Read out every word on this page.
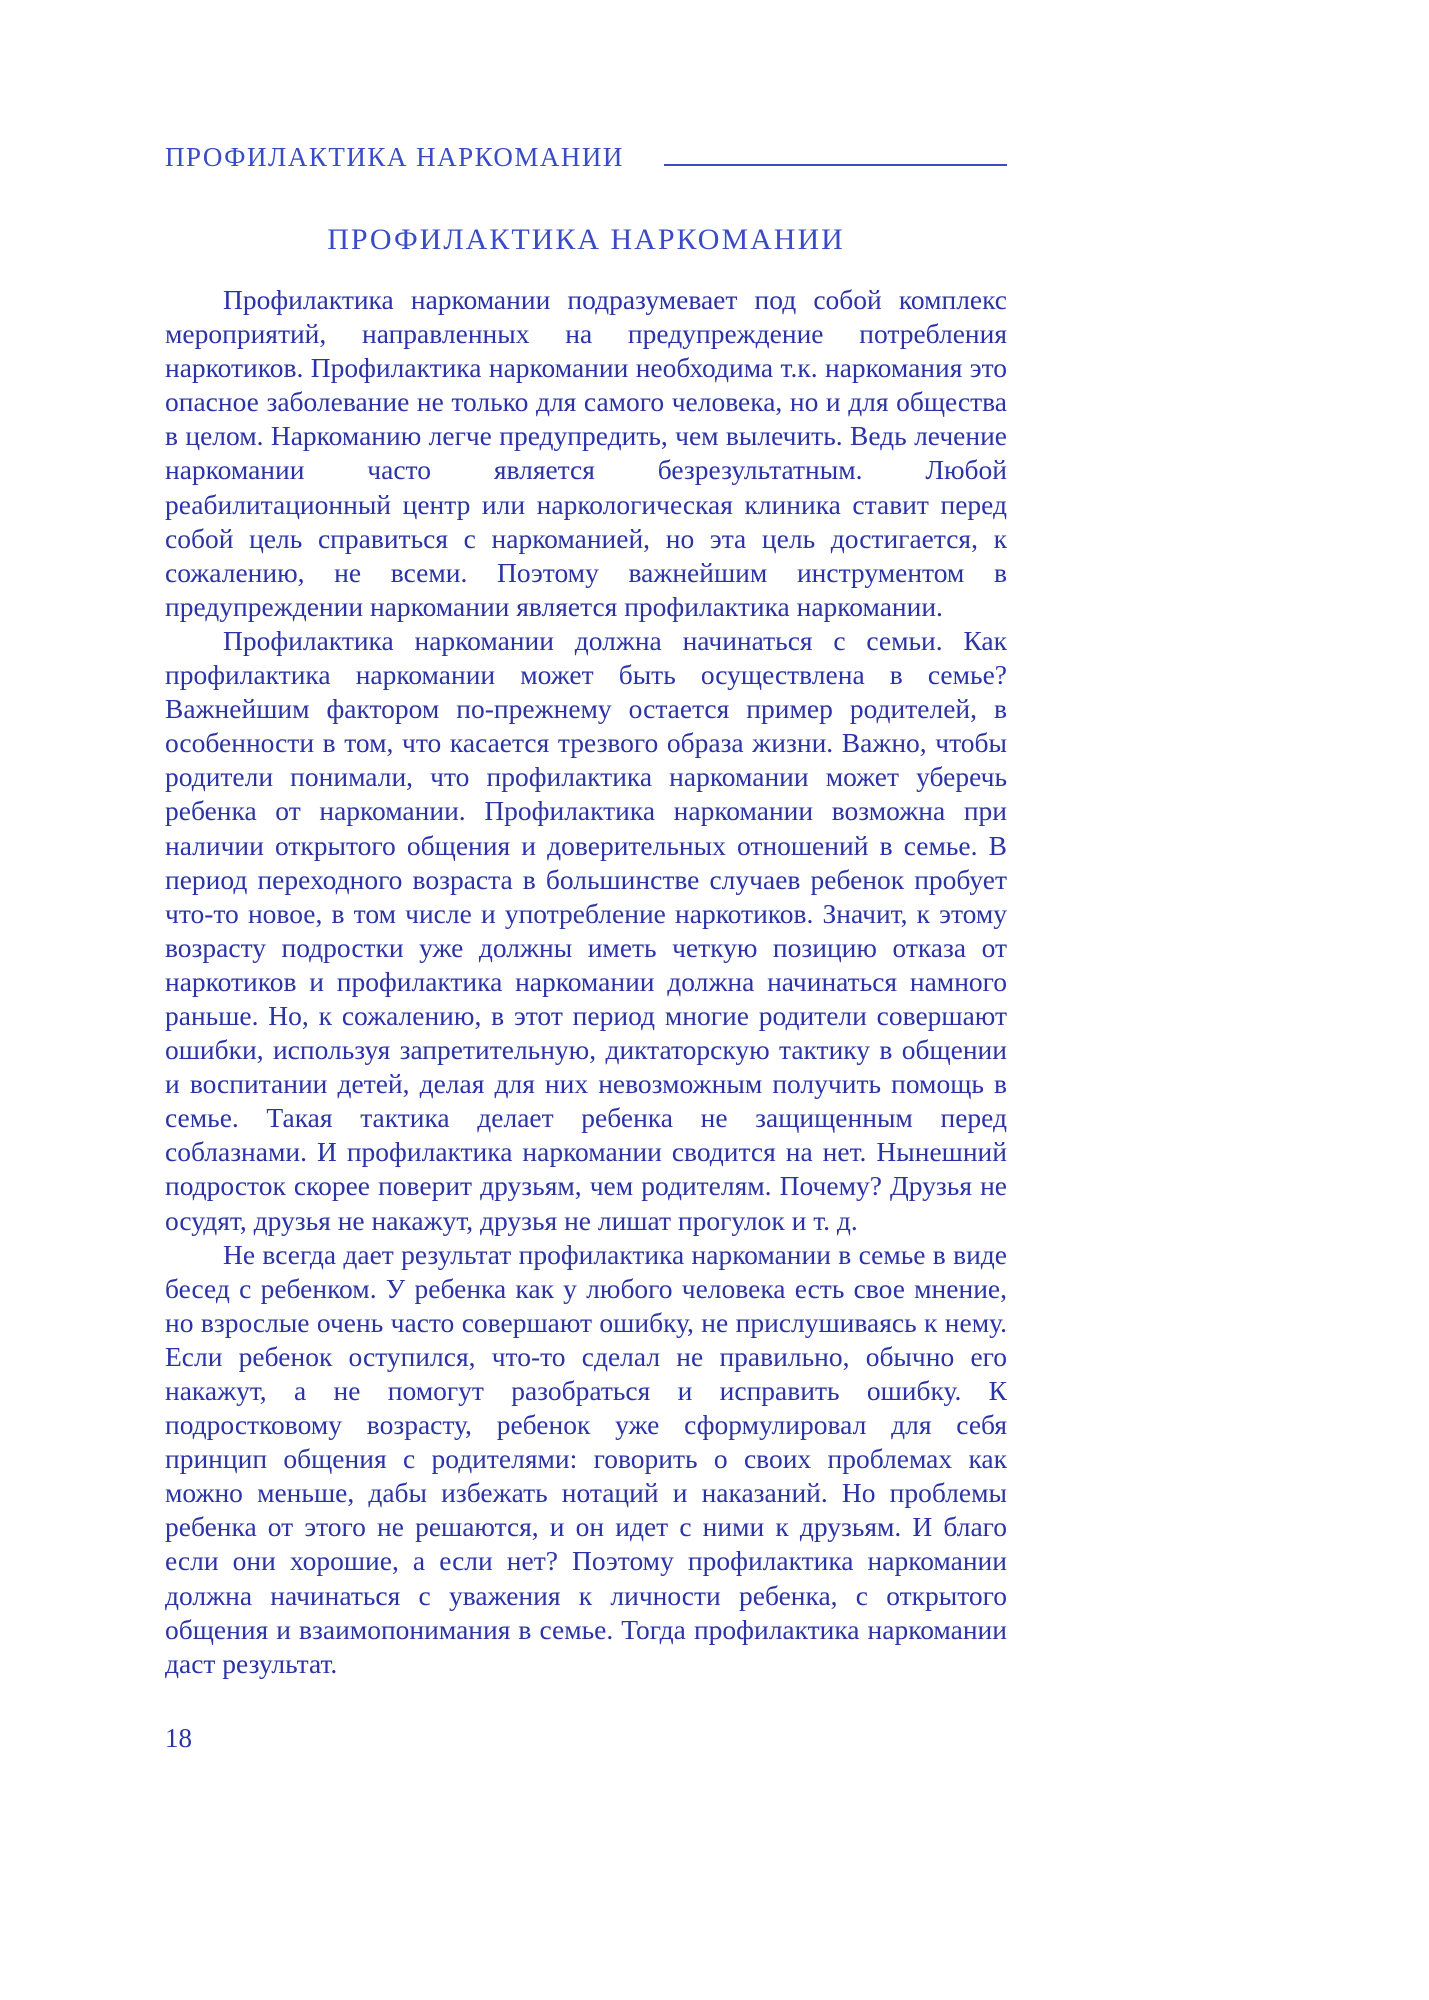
ПРОФИЛАКТИКА НАРКОМАНИИ
ПРОФИЛАКТИКА НАРКОМАНИИ

Профилактика наркомании подразумевает под собой комплекс мероприятий, направленных на предупреждение потребления наркотиков. Профилактика наркомании необходима т.к. наркомания это опасное заболевание не только для самого человека, но и для общества в целом. Наркоманию легче предупредить, чем вылечить. Ведь лечение наркомании часто является безрезультатным. Любой реабилитационный центр или наркологическая клиника ставит перед собой цель справиться с наркоманией, но эта цель достигается, к сожалению, не всеми. Поэтому важнейшим инструментом в предупреждении наркомании является профилактика наркомании.

Профилактика наркомании должна начинаться с семьи. Как профилактика наркомании может быть осуществлена в семье? Важнейшим фактором по-прежнему остается пример родителей, в особенности в том, что касается трезвого образа жизни. Важно, чтобы родители понимали, что профилактика наркомании может уберечь ребенка от наркомании. Профилактика наркомании возможна при наличии открытого общения и доверительных отношений в семье. В период переходного возраста в большинстве случаев ребенок пробует что-то новое, в том числе и употребление наркотиков. Значит, к этому возрасту подростки уже должны иметь четкую позицию отказа от наркотиков и профилактика наркомании должна начинаться намного раньше. Но, к сожалению, в этот период многие родители совершают ошибки, используя запретительную, диктаторскую тактику в общении и воспитании детей, делая для них невозможным получить помощь в семье. Такая тактика делает ребенка не защищенным перед соблазнами. И профилактика наркомании сводится на нет. Нынешний подросток скорее поверит друзьям, чем родителям. Почему? Друзья не осудят, друзья не накажут, друзья не лишат прогулок и т. д.

Не всегда дает результат профилактика наркомании в семье в виде бесед с ребенком. У ребенка как у любого человека есть свое мнение, но взрослые очень часто совершают ошибку, не прислушиваясь к нему. Если ребенок оступился, что-то сделал не правильно, обычно его накажут, а не помогут разобраться и исправить ошибку. К подростковому возрасту, ребенок уже сформулировал для себя принцип общения с родителями: говорить о своих проблемах как можно меньше, дабы избежать нотаций и наказаний. Но проблемы ребенка от этого не решаются, и он идет с ними к друзьям. И благо если они хорошие, а если нет? Поэтому профилактика наркомании должна начинаться с уважения к личности ребенка, с открытого общения и взаимопонимания в семье. Тогда профилактика наркомании даст результат.

18
